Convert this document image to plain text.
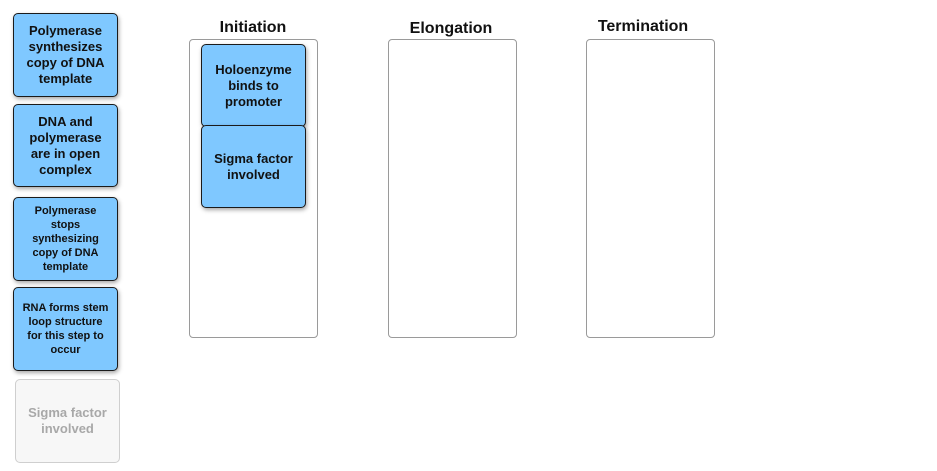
Polymerase synthesizes copy of DNA template
DNA and polymerase are in open complex
Polymerase stops synthesizing copy of DNA template
RNA forms stem loop structure for this step to occur
Sigma factor involved
Initiation
Holoenzyme binds to promoter
Sigma factor involved
Elongation	Termination
